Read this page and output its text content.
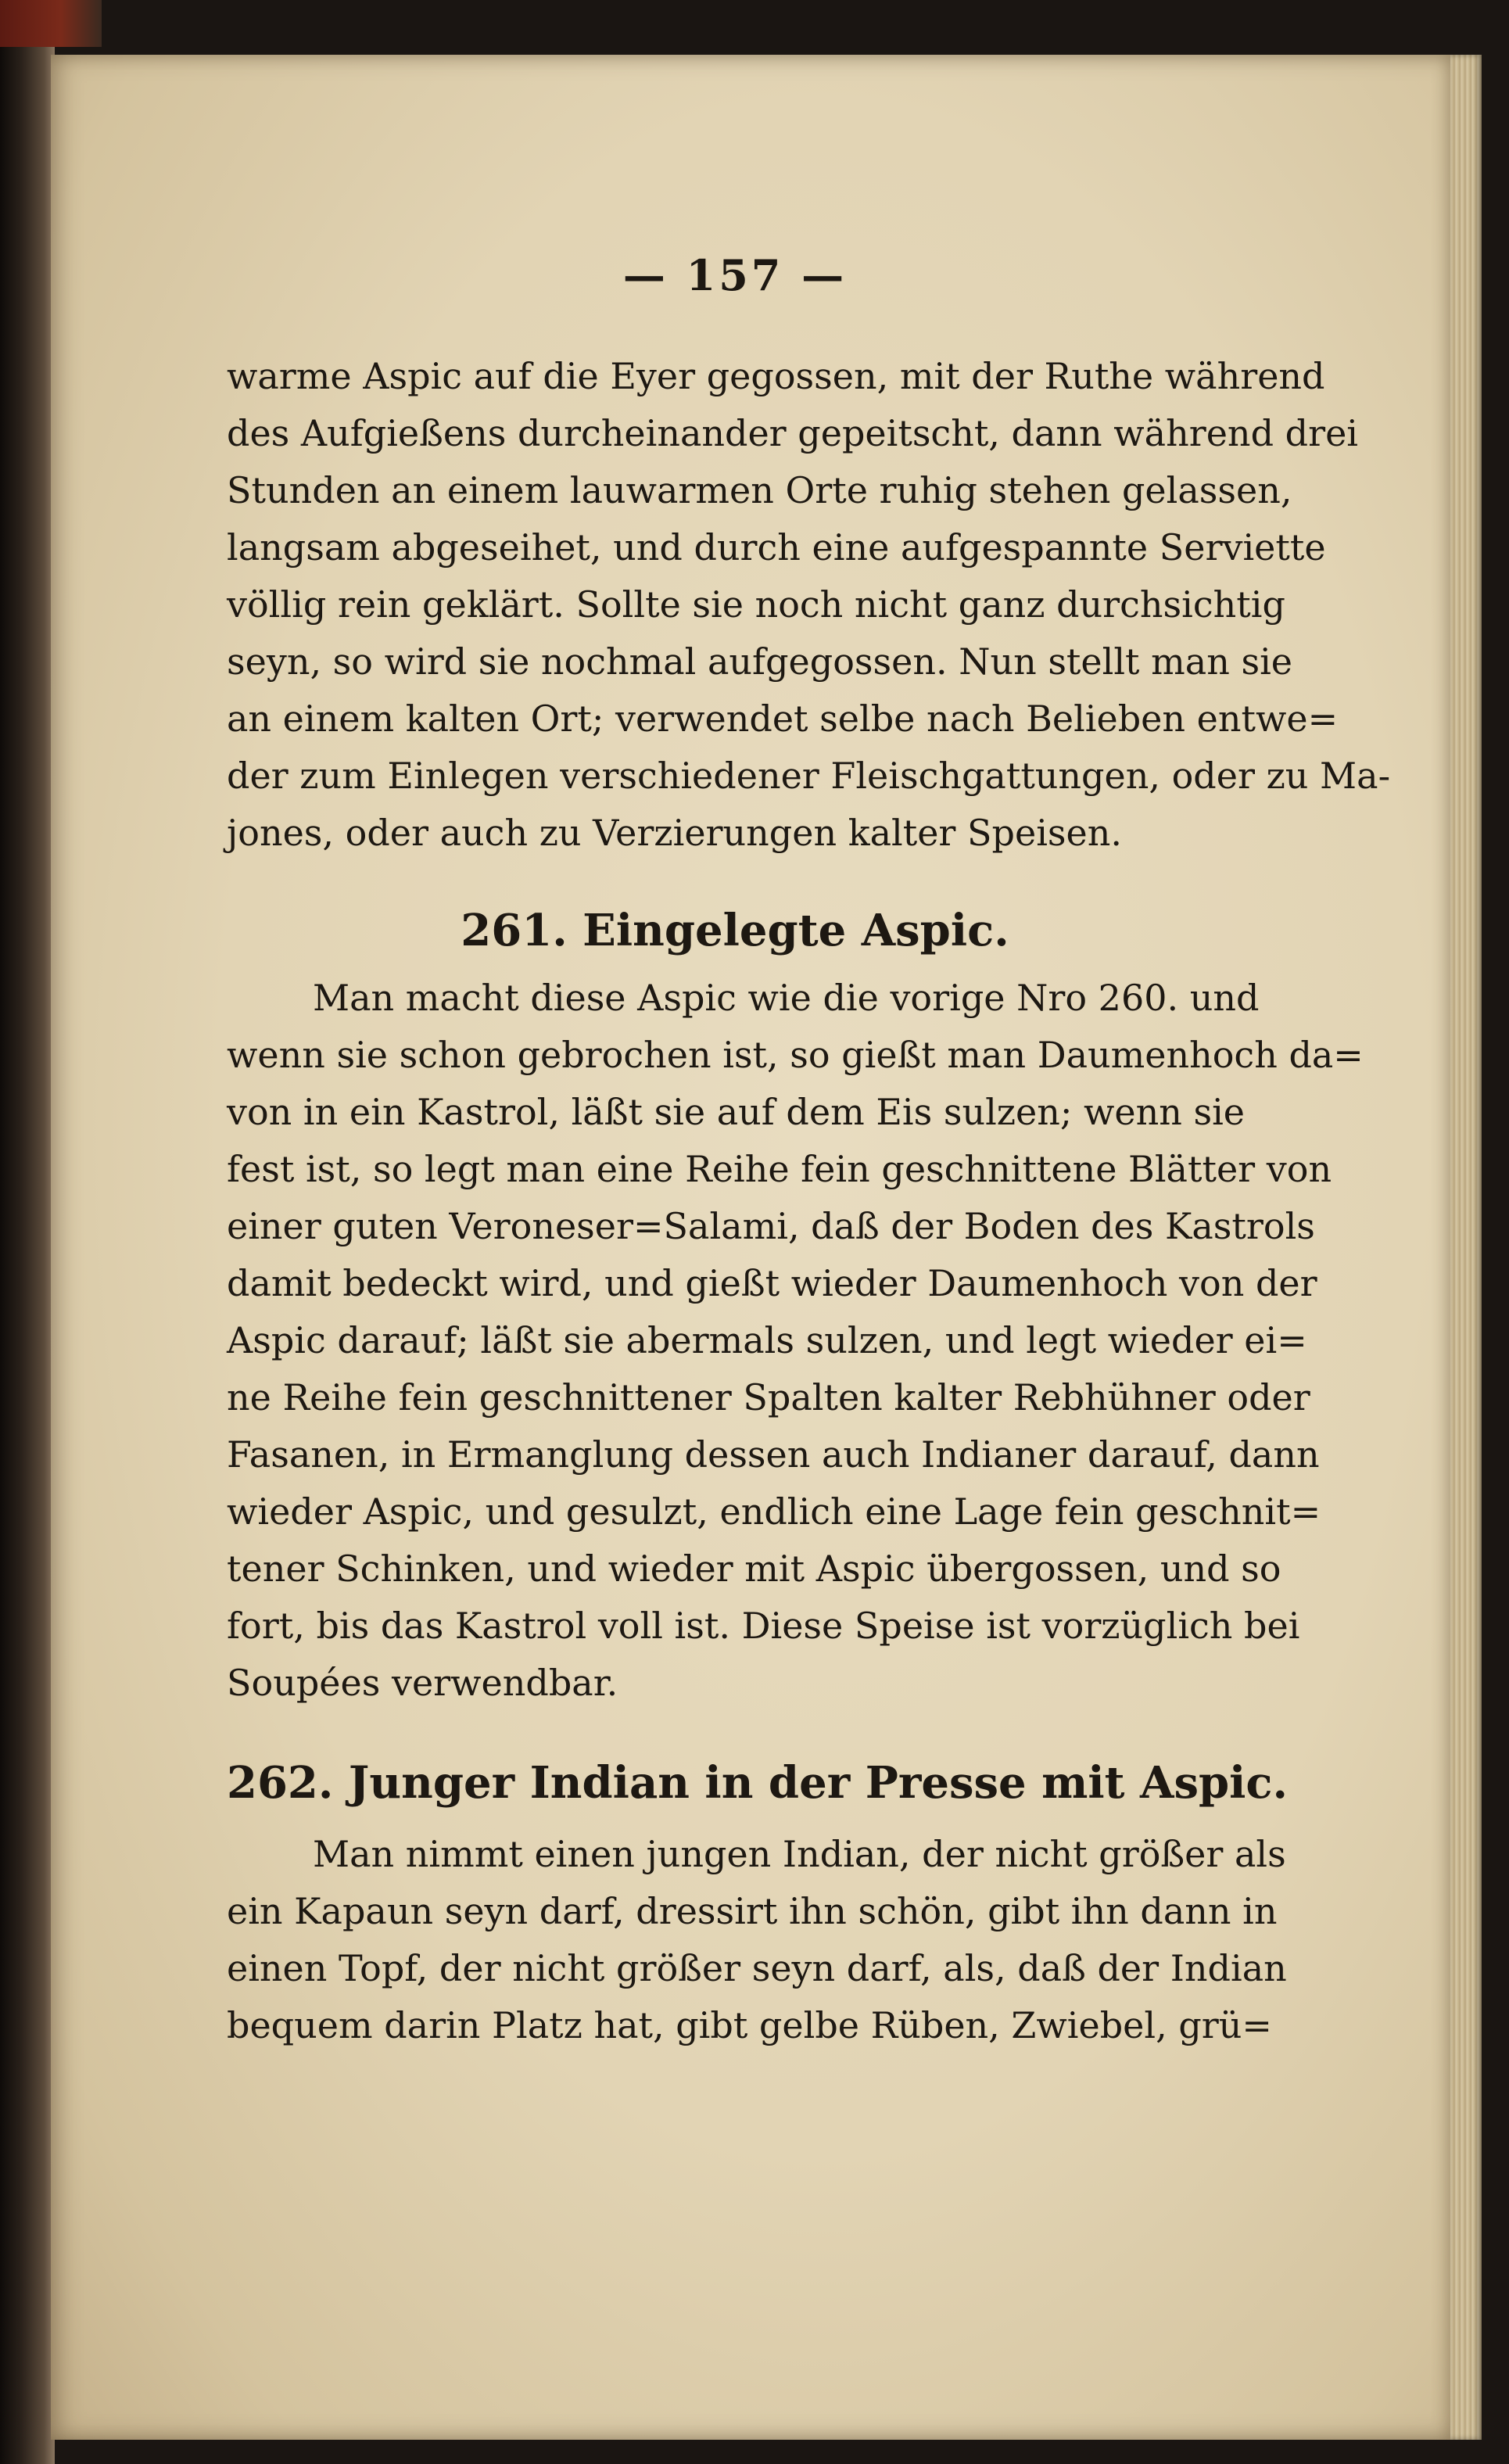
— 157 —
warme Aspic auf die Eyer gegossen, mit der Ruthe während
des Aufgießens durcheinander gepeitscht, dann während drei
Stunden an einem lauwarmen Orte ruhig stehen gelassen,
langsam abgeseihet, und durch eine aufgespannte Serviette
völlig rein geklärt. Sollte sie noch nicht ganz durchsichtig
seyn, so wird sie nochmal aufgegossen. Nun stellt man sie
an einem kalten Ort; verwendet selbe nach Belieben entwe=
der zum Einlegen verschiedener Fleischgattungen, oder zu Ma-
jones, oder auch zu Verzierungen kalter Speisen.
261. Eingelegte Aspic.
Man macht diese Aspic wie die vorige Nro 260. und
wenn sie schon gebrochen ist, so gießt man Daumenhoch da=
von in ein Kastrol, läßt sie auf dem Eis sulzen; wenn sie
fest ist, so legt man eine Reihe fein geschnittene Blätter von
einer guten Veroneser=Salami, daß der Boden des Kastrols
damit bedeckt wird, und gießt wieder Daumenhoch von der
Aspic darauf; läßt sie abermals sulzen, und legt wieder ei=
ne Reihe fein geschnittener Spalten kalter Rebhühner oder
Fasanen, in Ermanglung dessen auch Indianer darauf, dann
wieder Aspic, und gesulzt, endlich eine Lage fein geschnit=
tener Schinken, und wieder mit Aspic übergossen, und so
fort, bis das Kastrol voll ist. Diese Speise ist vorzüglich bei
Soupées verwendbar.
262. Junger Indian in der Presse mit Aspic.
Man nimmt einen jungen Indian, der nicht größer als
ein Kapaun seyn darf, dressirt ihn schön, gibt ihn dann in
einen Topf, der nicht größer seyn darf, als, daß der Indian
bequem darin Platz hat, gibt gelbe Rüben, Zwiebel, grü=
